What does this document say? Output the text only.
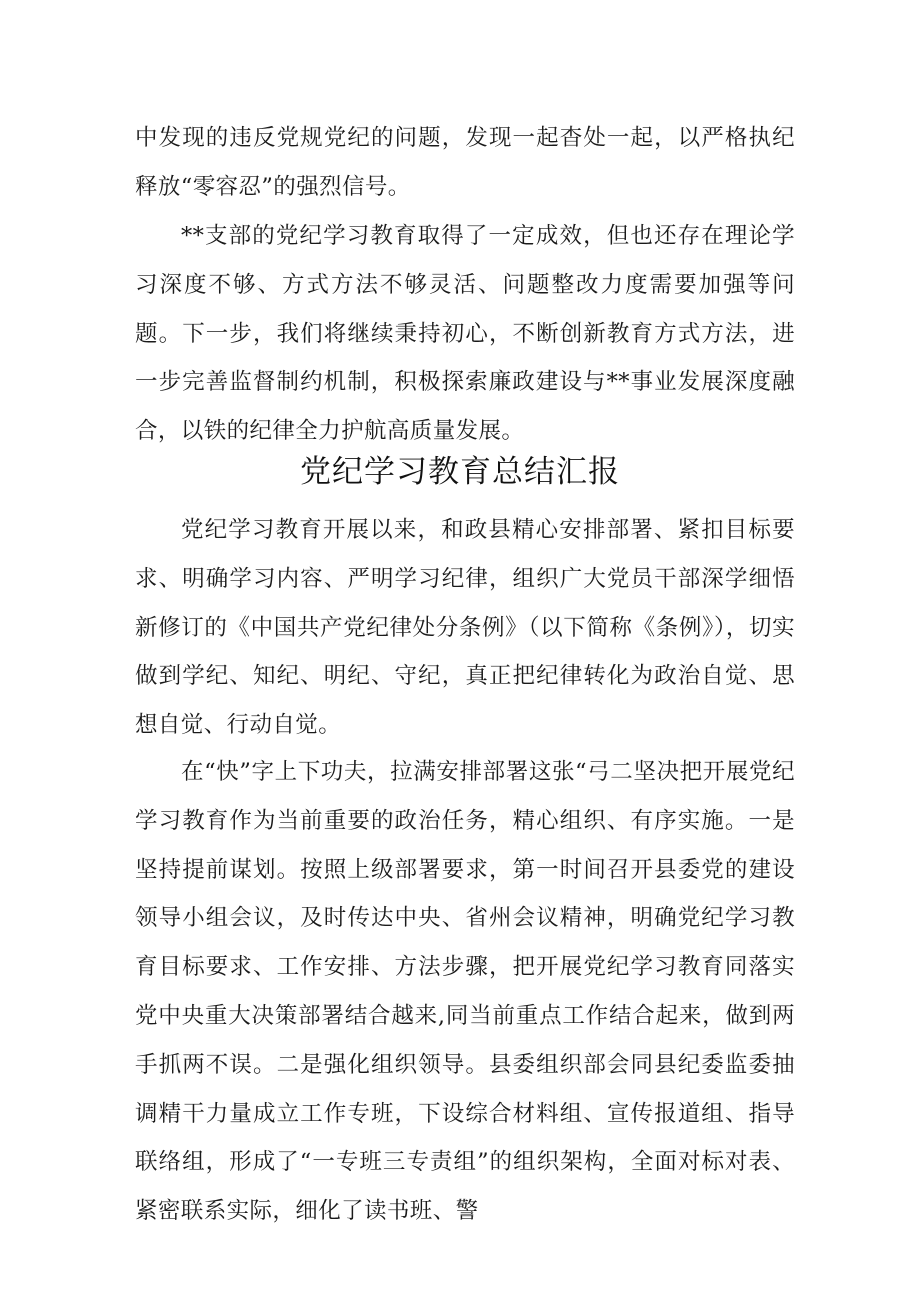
中发现的违反党规党纪的问题，发现一起杳处一起，以严格执纪释放“零容忍”的强烈信号。

**支部的党纪学习教育取得了一定成效，但也还存在理论学习深度不够、方式方法不够灵活、问题整改力度需要加强等问题。下一步，我们将继续秉持初心，不断创新教育方式方法，进一步完善监督制约机制，积极探索廉政建设与**事业发展深度融合，以铁的纪律全力护航高质量发展。

党纪学习教育总结汇报

党纪学习教育开展以来，和政县精心安排部署、紧扣目标要求、明确学习内容、严明学习纪律，组织广大党员干部深学细悟新修订的《中国共产党纪律处分条例》（以下简称《条例》），切实做到学纪、知纪、明纪、守纪，真正把纪律转化为政治自觉、思想自觉、行动自觉。

在“快”字上下功夫，拉满安排部署这张“弓二坚决把开展党纪学习教育作为当前重要的政治任务，精心组织、有序实施。一是坚持提前谋划。按照上级部署要求，第一时间召开县委党的建设领导小组会议，及时传达中央、省州会议精神，明确党纪学习教育目标要求、工作安排、方法步骤，把开展党纪学习教育同落实党中央重大决策部署结合越来,同当前重点工作结合起来，做到两手抓两不误。二是强化组织领导。县委组织部会同县纪委监委抽调精干力量成立工作专班，下设综合材料组、宣传报道组、指导联络组，形成了“一专班三专责组”的组织架构，全面对标对表、紧密联系实际，细化了读书班、警
